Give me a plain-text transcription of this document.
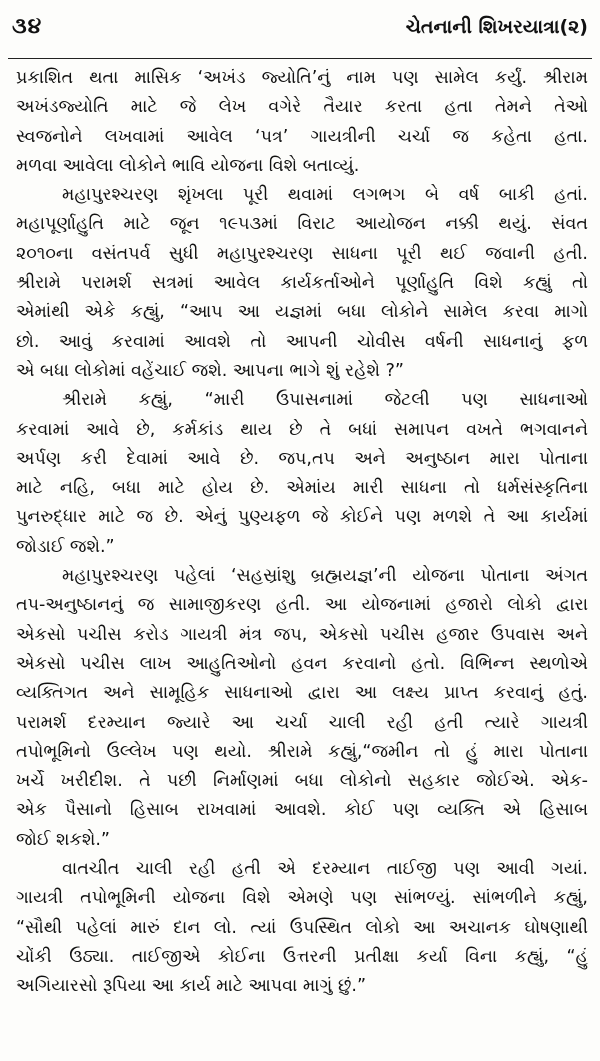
૩૪	ચેતનાની શિખરયાત્રા(૨)
પ્રકાશિત થતા માસિક ‘અખંડ જ્યોતિ’નું નામ પણ સામેલ કર્યું. શ્રીરામ
અખંડજ્યોતિ માટે જે લેખ વગેરે તૈયાર કરતા હતા તેમને તેઓ
સ્વજનોને લખવામાં આવેલ ‘પત્ર’ ગાયત્રીની ચર્ચા જ કહેતા હતા.
મળવા આવેલા લોકોને ભાવિ યોજના વિશે બતાવ્યું.
મહાપુરશ્ચરણ શૃંખલા પૂરી થવામાં લગભગ બે વર્ષ બાકી હતાં.
મહાપૂર્ણાહુતિ માટે જૂન ૧૯૫૩માં વિરાટ આયોજન નક્કી થયું. સંવત
૨૦૧૦ના વસંતપર્વ સુધી મહાપુરશ્ચરણ સાધના પૂરી થઈ જવાની હતી.
શ્રીરામે પરામર્શ સત્રમાં આવેલ કાર્યકર્તાઓને પૂર્ણાહુતિ વિશે કહ્યું તો
એમાંથી એકે કહ્યું, “આપ આ યજ્ઞમાં બધા લોકોને સામેલ કરવા માગો
છો. આવું કરવામાં આવશે તો આપની ચોવીસ વર્ષની સાધનાનું ફળ
એ બધા લોકોમાં વહેંચાઈ જશે. આપના ભાગે શું રહેશે ?”
શ્રીરામે કહ્યું, “મારી ઉપાસનામાં જેટલી પણ સાધનાઓ
કરવામાં આવે છે, કર્મકાંડ થાય છે તે બધાં સમાપન વખતે ભગવાનને
અર્પણ કરી દેવામાં આવે છે. જપ,તપ અને અનુષ્ઠાન મારા પોતાના
માટે નહિ, બધા માટે હોય છે. એમાંય મારી સાધના તો ધર્મસંસ્કૃતિના
પુનરુદ્ધાર માટે જ છે. એનું પુણ્યફળ જે કોઈને પણ મળશે તે આ કાર્યમાં
જોડાઈ જશે.”
મહાપુરશ્ચરણ પહેલાં ‘સહસ્રાંશુ બ્રહ્મયજ્ઞ’ની યોજના પોતાના અંગત
તપ-અનુષ્ઠાનનું જ સામાજીકરણ હતી. આ યોજનામાં હજારો લોકો દ્વારા
એકસો પચીસ કરોડ ગાયત્રી મંત્ર જપ, એકસો પચીસ હજાર ઉપવાસ અને
એકસો પચીસ લાખ આહુતિઓનો હવન કરવાનો હતો. વિભિન્ન સ્થળોએ
વ્યક્તિગત અને સામૂહિક સાધનાઓ દ્વારા આ લક્ષ્ય પ્રાપ્ત કરવાનું હતું.
પરામર્શ દરમ્યાન જ્યારે આ ચર્ચા ચાલી રહી હતી ત્યારે ગાયત્રી
તપોભૂમિનો ઉલ્લેખ પણ થયો. શ્રીરામે કહ્યું,“જમીન તો હું મારા પોતાના
ખર્ચે ખરીદીશ. તે પછી નિર્માણમાં બધા લોકોનો સહકાર જોઈએ. એક-
એક પૈસાનો હિસાબ રાખવામાં આવશે. કોઈ પણ વ્યક્તિ એ હિસાબ
જોઈ શકશે.”
વાતચીત ચાલી રહી હતી એ દરમ્યાન તાઈજી પણ આવી ગયાં.
ગાયત્રી તપોભૂમિની યોજના વિશે એમણે પણ સાંભળ્યું. સાંભળીને કહ્યું,
“સૌથી પહેલાં મારું દાન લો. ત્યાં ઉપસ્થિત લોકો આ અચાનક ઘોષણાથી
ચોંકી ઉઠ્યા. તાઈજીએ કોઈના ઉત્તરની પ્રતીક્ષા કર્યા વિના કહ્યું, “હું
અગિયારસો રૂપિયા આ કાર્ય માટે આપવા માગું છું.”
